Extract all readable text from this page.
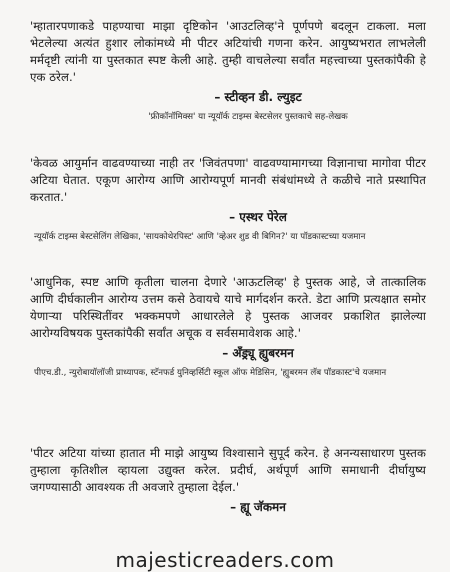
'म्हातारपणाकडे पाहण्याचा माझा दृष्टिकोन 'आउटलिव्ह'ने पूर्णपणे बदलून टाकला. मला भेटलेल्या अत्यंत हुशार लोकांमध्ये मी पीटर अटियांची गणना करेन. आयुष्यभरात लाभलेली मर्मदृष्टी त्यांनी या पुस्तकात स्पष्ट केली आहे. तुम्ही वाचलेल्या सर्वांत महत्त्वाच्या पुस्तकांपैकी हे एक ठरेल.'

– स्टीव्हन डी. ल्युइट

'फ्रीकॉनॉमिक्स' या न्यूयॉर्क टाइम्स बेस्टसेलर पुस्तकाचे सह-लेखक

'केवळ आयुर्मान वाढवण्याच्या नाही तर 'जिवंतपणा' वाढवण्यामागच्या विज्ञानाचा मागोवा पीटर अटिया घेतात. एकूण आरोग्य आणि आरोग्यपूर्ण मानवी संबंधांमध्ये ते कळीचे नाते प्रस्थापित करतात.'

– एस्थर पेरेल

न्यूयॉर्क टाइम्स बेस्टसेलिंग लेखिका, 'सायकोथेरपिस्ट' आणि 'व्हेअर शुड वी बिगिन?' या पॉडकास्टच्या यजमान

'आधुनिक, स्पष्ट आणि कृतीला चालना देणारे 'आऊटलिव्ह' हे पुस्तक आहे, जे तात्कालिक आणि दीर्घकालीन आरोग्य उत्तम कसे ठेवायचे याचे मार्गदर्शन करते. डेटा आणि प्रत्यक्षात समोर येणाऱ्या परिस्थितींवर भक्कमपणे आधारलेले हे पुस्तक आजवर प्रकाशित झालेल्या आरोग्यविषयक पुस्तकांपैकी सर्वांत अचूक व सर्वसमावेशक आहे.'

– अँड्र्यू ह्युबरमन

पीएच.डी., न्युरोबायॉलॉजी प्राध्यापक, स्टॅनफर्ड युनिव्हर्सिटी स्कूल ऑफ मेडिसिन, 'ह्युबरमन लॅब पॉडकास्ट'चे यजमान

'पीटर अटिया यांच्या हातात मी माझे आयुष्य विश्वासाने सुपूर्द करेन. हे अनन्यसाधारण पुस्तक तुम्हाला कृतिशील व्हायला उद्युक्त करेल. प्रदीर्घ, अर्थपूर्ण आणि समाधानी दीर्घायुष्य जगण्यासाठी आवश्यक ती अवजारे तुम्हाला देईल.'

– ह्यू जॅकमन

majesticreaders.com
